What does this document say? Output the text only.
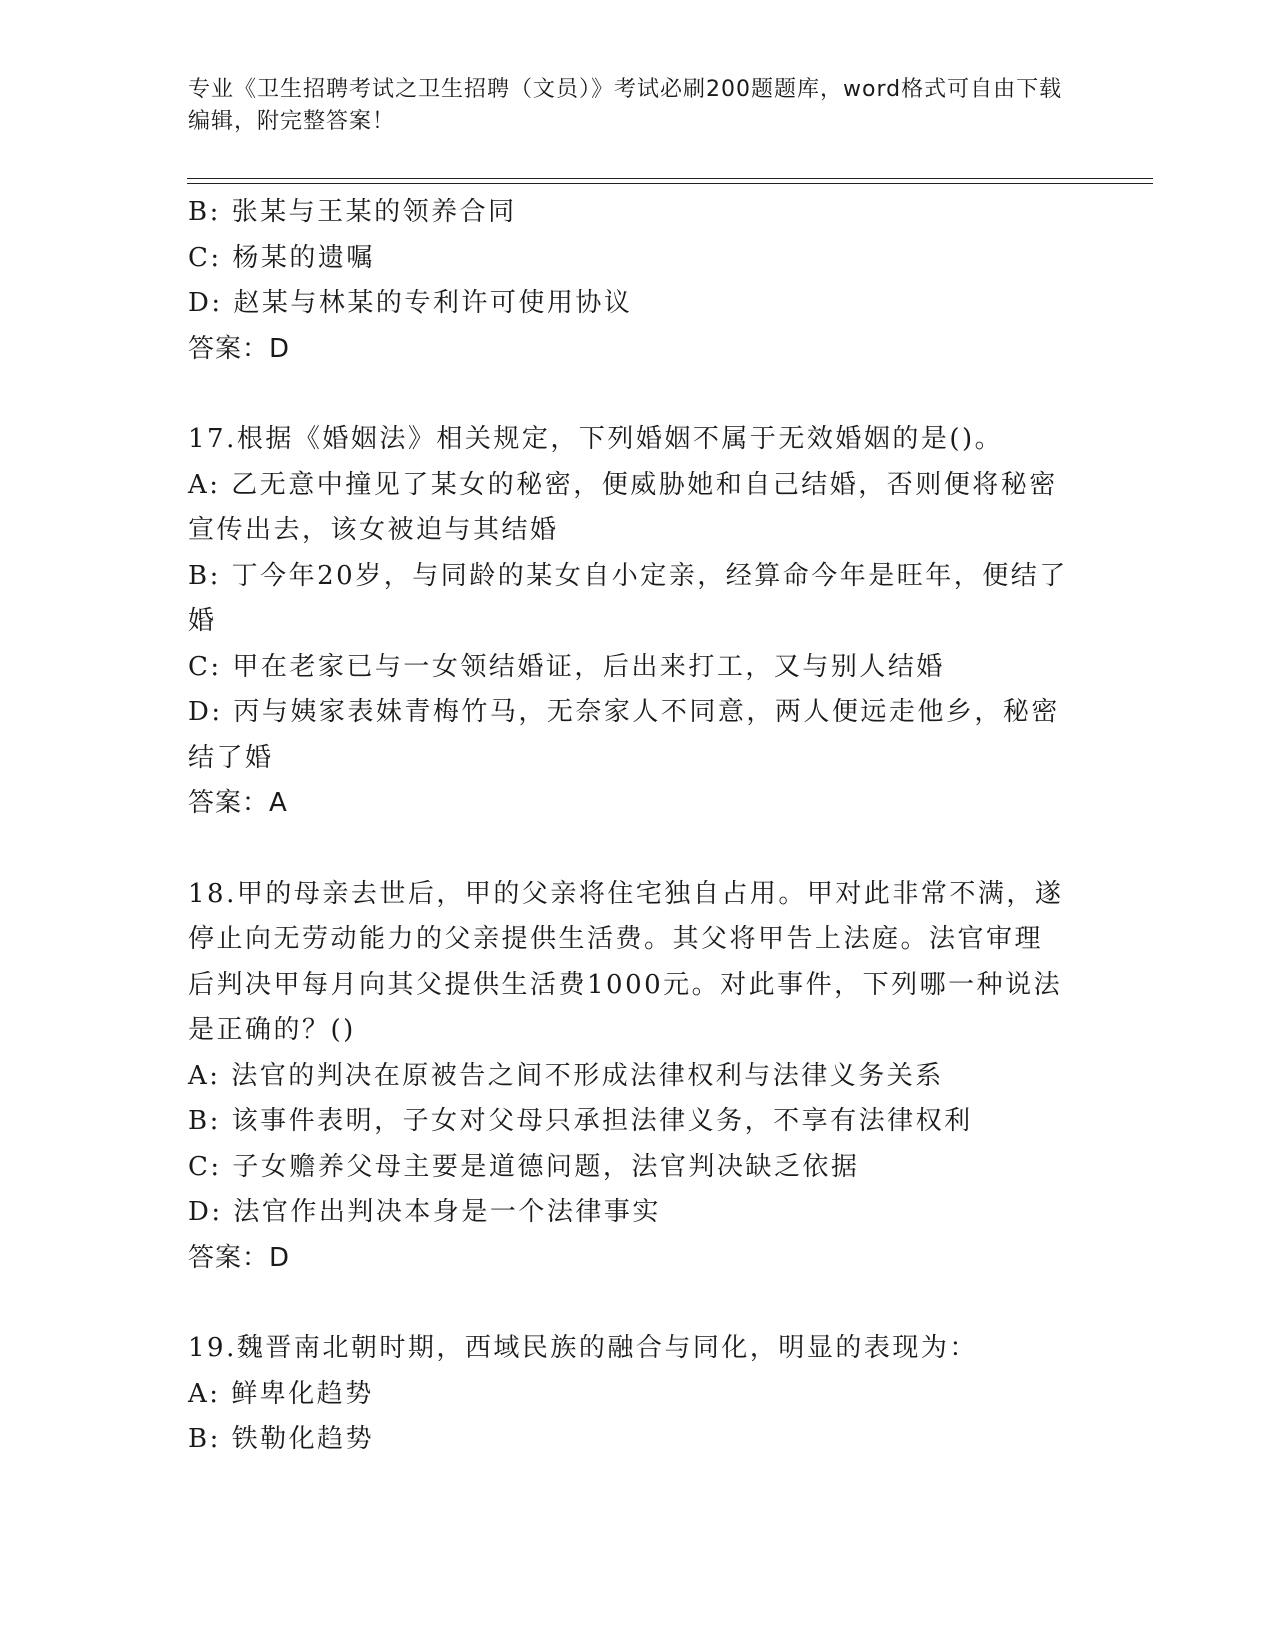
专业《卫生招聘考试之卫生招聘（文员）》考试必刷200题题库，word格式可自由下载编辑，附完整答案！

B: 张某与王某的领养合同

C: 杨某的遗嘱

D: 赵某与林某的专利许可使用协议

答案：D

17.根据《婚姻法》相关规定，下列婚姻不属于无效婚姻的是()。

A: 乙无意中撞见了某女的秘密，便威胁她和自己结婚，否则便将秘密宣传出去，该女被迫与其结婚

B: 丁今年20岁，与同龄的某女自小定亲，经算命今年是旺年，便结了婚

C: 甲在老家已与一女领结婚证，后出来打工，又与别人结婚

D: 丙与姨家表妹青梅竹马，无奈家人不同意，两人便远走他乡，秘密结了婚

答案：A

18.甲的母亲去世后，甲的父亲将住宅独自占用。甲对此非常不满，遂停止向无劳动能力的父亲提供生活费。其父将甲告上法庭。法官审理后判决甲每月向其父提供生活费1000元。对此事件，下列哪一种说法是正确的？()

A: 法官的判决在原被告之间不形成法律权利与法律义务关系

B: 该事件表明，子女对父母只承担法律义务，不享有法律权利

C: 子女赡养父母主要是道德问题，法官判决缺乏依据

D: 法官作出判决本身是一个法律事实

答案：D

19.魏晋南北朝时期，西域民族的融合与同化，明显的表现为：

A: 鲜卑化趋势

B: 铁勒化趋势
